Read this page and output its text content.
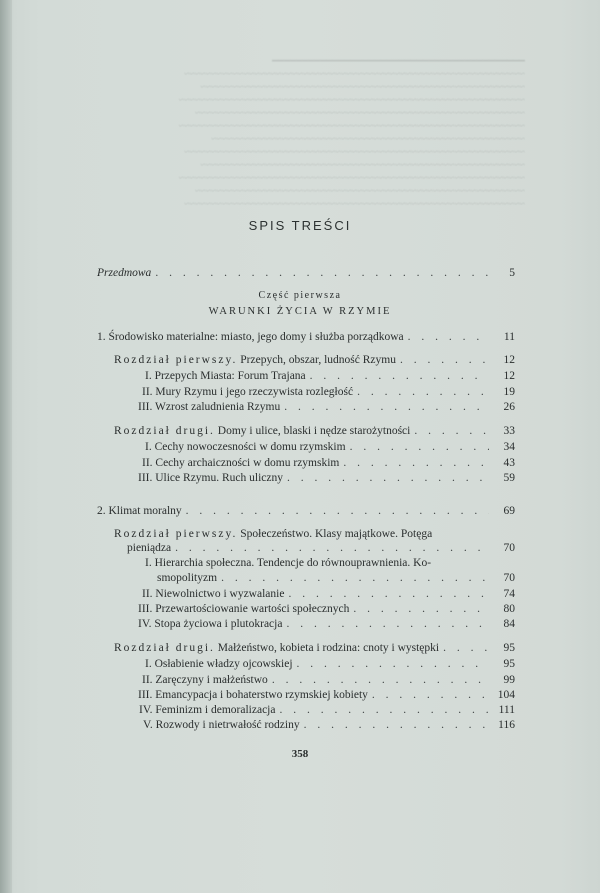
━━━━━━━━━━━━━━━━━━━━━━━━━━━━━━━━━━━━━━━━━━
~~~~~~~~~~~~~~~~~~~~~~~~~~~~~~~~~~~~~~~~~~~~~~~~~~~~~~~~~~~~~~~
~~~~~~~~~~~~~~~~~~~~~~~~~~~~~~~~~~~~~~~~~~~~~~~~~~~~~~~~~~~~
~~~~~~~~~~~~~~~~~~~~~~~~~~~~~~~~~~~~~~~~~~~~~~~~~~~~~~~~~~~~~~~~
~~~~~~~~~~~~~~~~~~~~~~~~~~~~~~~~~~~~~~~~~~~~~~~~~~~~~~~~~~~~~
~~~~~~~~~~~~~~~~~~~~~~~~~~~~~~~~~~~~~~~~~~~~~~~~~~~~~~~~~~~~~~~~
~~~~~~~~~~~~~~~~~~~~~~~~~~~~~~~~~~~~~~~~~~~~~~~~~~~~~~~~~~
~~~~~~~~~~~~~~~~~~~~~~~~~~~~~~~~~~~~~~~~~~~~~~~~~~~~~~~~~~~~~~~
~~~~~~~~~~~~~~~~~~~~~~~~~~~~~~~~~~~~~~~~~~~~~~~~~~~~~~~~~~~~
~~~~~~~~~~~~~~~~~~~~~~~~~~~~~~~~~~~~~~~~~~~~~~~~~~~~~~~~~~~~~~~~
~~~~~~~~~~~~~~~~~~~~~~~~~~~~~~~~~~~~~~~~~~~~~~~~~~~~~~~~~~~~~
~~~~~~~~~~~~~~~~~~~~~~~~~~~~~~~~~~~~~~~~~~~~~~~~~~~~~~~~~~~~~~~
SPIS TREŚCI
Przedmowa . . .	5
Część pierwsza
WARUNKI ŻYCIA W RZYMIE
1. Środowisko materialne: miasto, jego domy i służba porządkowa . . .	11
Rozdział pierwszy. Przepych, obszar, ludność Rzymu . . .	12
I. Przepych Miasta: Forum Trajana . . .	12
II. Mury Rzymu i jego rzeczywista rozległość . . .	19
III. Wzrost zaludnienia Rzymu . . .	26
Rozdział drugi. Domy i ulice, blaski i nędze starożytności . . .	33
I. Cechy nowoczesności w domu rzymskim . . .	34
II. Cechy archaiczności w domu rzymskim . . .	43
III. Ulice Rzymu. Ruch uliczny . . .	59
2. Klimat moralny . . .	69
Rozdział pierwszy. Społeczeństwo. Klasy majątkowe. Potęga
pieniądza . . .	70
I. Hierarchia społeczna. Tendencje do równouprawnienia. Ko-
smopolityzm . . .	70
II. Niewolnictwo i wyzwalanie . . .	74
III. Przewartościowanie wartości społecznych . . .	80
IV. Stopa życiowa i plutokracja . . .	84
Rozdział drugi. Małżeństwo, kobieta i rodzina: cnoty i występki . . .	95
I. Osłabienie władzy ojcowskiej . . .	95
II. Zaręczyny i małżeństwo . . .	99
III. Emancypacja i bohaterstwo rzymskiej kobiety . . .	104
IV. Feminizm i demoralizacja . . .	111
V. Rozwody i nietrwałość rodziny . . .	116
358
